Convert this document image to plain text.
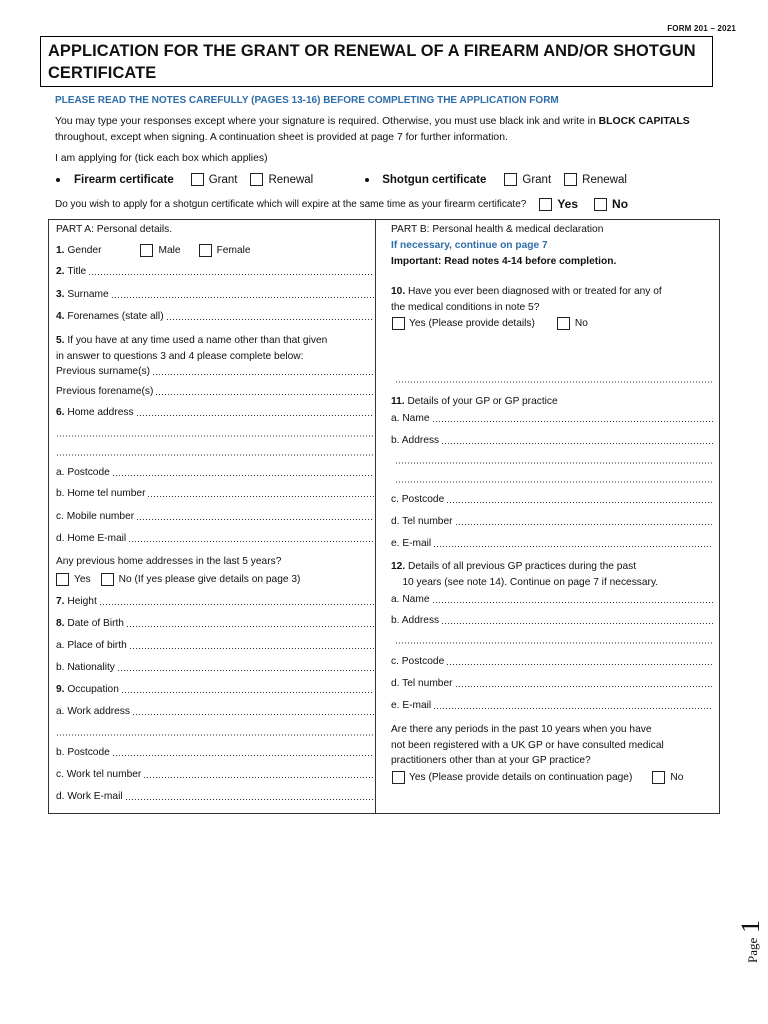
FORM 201 – 2021
APPLICATION FOR THE GRANT OR RENEWAL OF A FIREARM AND/OR SHOTGUN CERTIFICATE
PLEASE READ THE NOTES CAREFULLY (PAGES 13-16) BEFORE COMPLETING THE APPLICATION FORM
You may type your responses except where your signature is required. Otherwise, you must use black ink and write in BLOCK CAPITALS throughout, except when signing. A continuation sheet is provided at page 7 for further information.
I am applying for (tick each box which applies)
Firearm certificate	Grant	Renewal	Shotgun certificate	Grant	Renewal
Do you wish to apply for a shotgun certificate which will expire at the same time as your firearm certificate?	Yes	No
PART A: Personal details.
1. Gender	Male	Female
2.
Title
3.
Surname
4.
Forenames (state all)
5. If you have at any time used a name other than that given
in answer to questions 3 and 4 please complete below:
Previous surname(s)
Previous forename(s)
6.
Home address
a. Postcode
b. Home tel number
c. Mobile number
d. Home E-mail
Any previous home addresses in the last 5 years?
Yes	No (If yes please give details on page 3)
7.
Height
8.
Date of Birth
a. Place of birth
b. Nationality
9.
Occupation
a. Work address
b. Postcode
c. Work tel number
d. Work E-mail
PART B: Personal health & medical declaration
If necessary, continue on page 7
Important: Read notes 4-14 before completion.
10. Have you ever been diagnosed with or treated for any of
the medical conditions in note 5?
Yes (Please provide details)	No
11. Details of your GP or GP practice
a. Name
b. Address
c. Postcode
d. Tel number
e. E-mail
12. Details of all previous GP practices during the past
10 years (see note 14). Continue on page 7 if necessary.
a. Name
b. Address
c. Postcode
d. Tel number
e. E-mail
Are there any periods in the past 10 years when you have
not been registered with a UK GP or have consulted medical
practitioners other than at your GP practice?
Yes (Please provide details on continuation page)	No
Page
1
